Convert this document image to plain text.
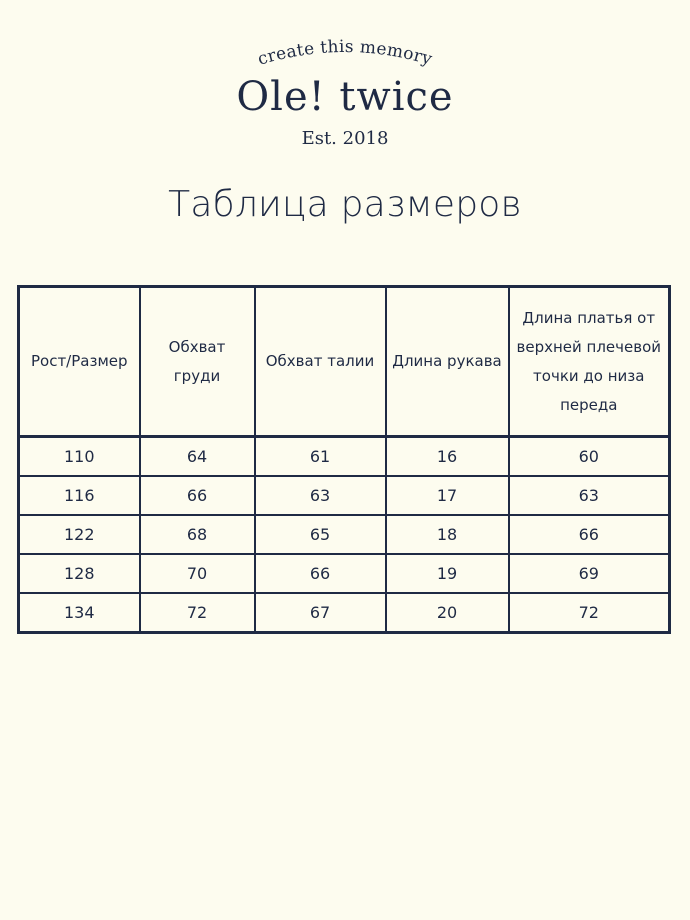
create this memory
Ole! twice
Est. 2018
Таблица размеров
Рост/Размер	Обхват груди	Обхват талии	Длина рукава	Длина платья от верхней плечевой точки до низа переда
110	64	61	16	60
116	66	63	17	63
122	68	65	18	66
128	70	66	19	69
134	72	67	20	72
